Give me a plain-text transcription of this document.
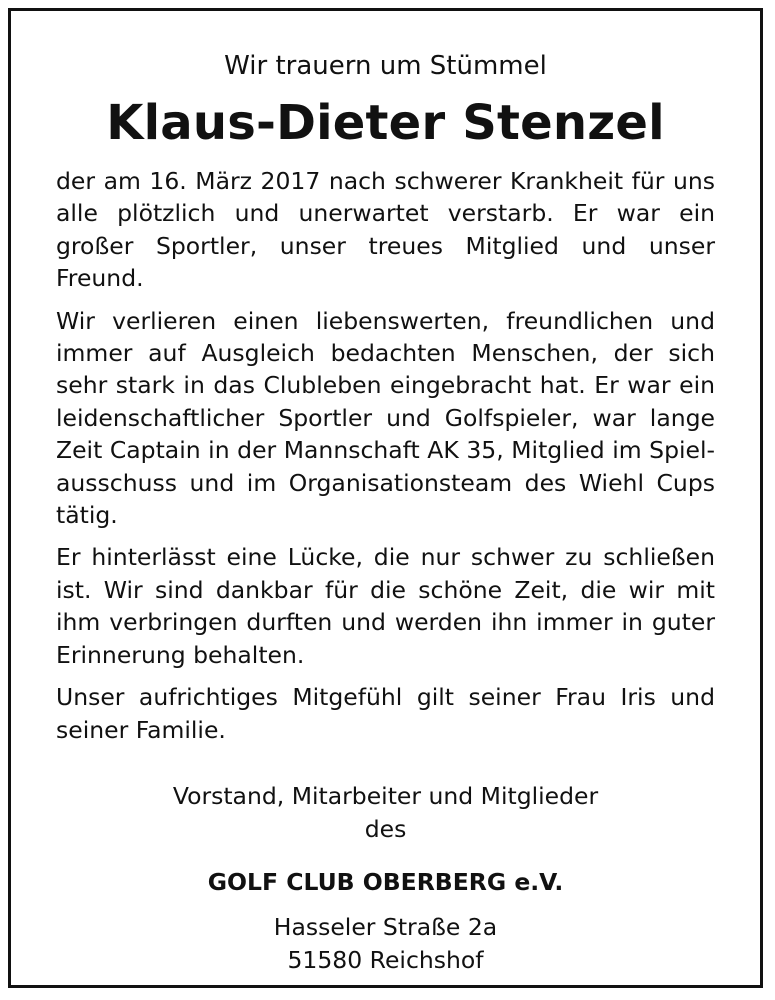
Wir trauern um Stümmel

Klaus-Dieter Stenzel

der am 16. März 2017 nach schwerer Krankheit für uns alle plötzlich und unerwartet verstarb. Er war ein großer Sportler, unser treues Mitglied und unser Freund.

Wir verlieren einen liebenswerten, freundlichen und immer auf Ausgleich bedachten Menschen, der sich sehr stark in das Clubleben eingebracht hat. Er war ein leidenschaftlicher Sportler und Golfspieler, war lange Zeit Captain in der Mannschaft AK 35, Mitglied im Spielausschuss und im Organisationsteam des Wiehl Cups tätig.

Er hinterlässt eine Lücke, die nur schwer zu schließen ist. Wir sind dankbar für die schöne Zeit, die wir mit ihm verbringen durften und werden ihn immer in guter Erinnerung behalten.

Unser aufrichtiges Mitgefühl gilt seiner Frau Iris und seiner Familie.

Vorstand, Mitarbeiter und Mitglieder

des

GOLF CLUB OBERBERG e.V.

Hasseler Straße 2a

51580 Reichshof
